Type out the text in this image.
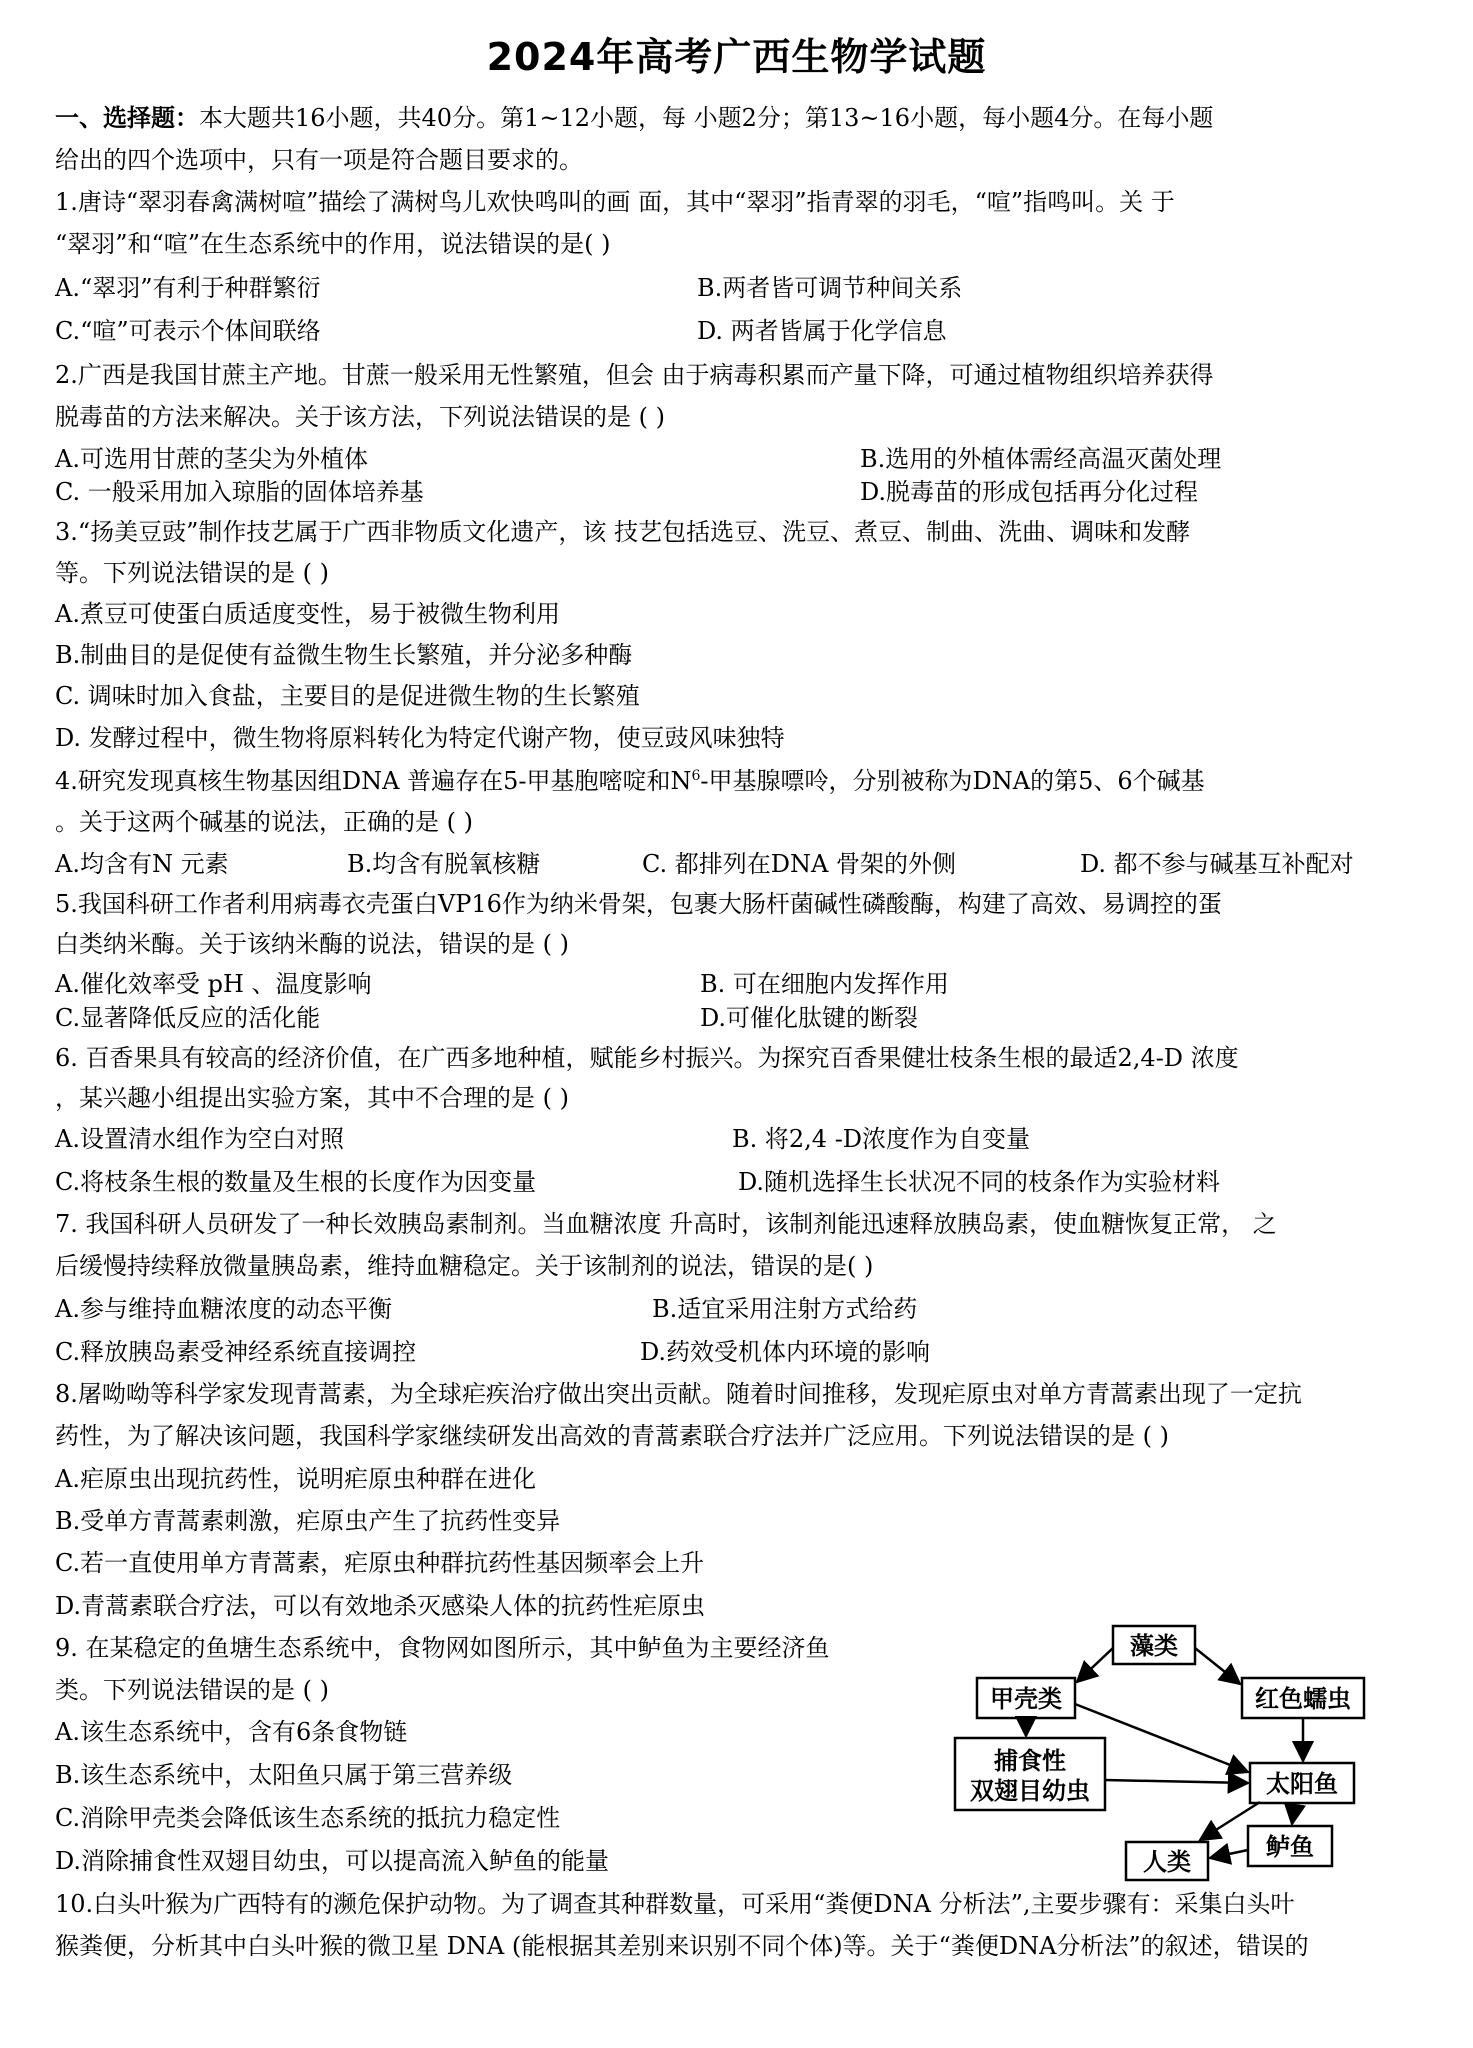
2024年高考广西生物学试题
一、选择题：本大题共16小题，共40分。第1~12小题，每 小题2分；第13~16小题，每小题4分。在每小题
给出的四个选项中，只有一项是符合题目要求的。
1.唐诗“翠羽春禽满树喧”描绘了满树鸟儿欢快鸣叫的画 面，其中“翠羽”指青翠的羽毛，“喧”指鸣叫。关 于
“翠羽”和“喧”在生态系统中的作用，说法错误的是( )
A.“翠羽”有利于种群繁衍	B.两者皆可调节种间关系
C.“喧”可表示个体间联络	D. 两者皆属于化学信息
2.广西是我国甘蔗主产地。甘蔗一般采用无性繁殖，但会 由于病毒积累而产量下降，可通过植物组织培养获得
脱毒苗的方法来解决。关于该方法，下列说法错误的是 ( )
A.可选用甘蔗的茎尖为外植体	B.选用的外植体需经高温灭菌处理
C. 一般采用加入琼脂的固体培养基	D.脱毒苗的形成包括再分化过程
3.“扬美豆豉”制作技艺属于广西非物质文化遗产，该 技艺包括选豆、洗豆、煮豆、制曲、洗曲、调味和发酵
等。下列说法错误的是 ( )
A.煮豆可使蛋白质适度变性，易于被微生物利用
B.制曲目的是促使有益微生物生长繁殖，并分泌多种酶
C. 调味时加入食盐，主要目的是促进微生物的生长繁殖
D. 发酵过程中，微生物将原料转化为特定代谢产物，使豆豉风味独特
4.研究发现真核生物基因组DNA 普遍存在5-甲基胞嘧啶和$N^6-$甲基腺嘌呤，分别被称为DNA的第5、6个碱基
。关于这两个碱基的说法，正确的是 ( )
A.均含有N 元素	B.均含有脱氧核糖	C. 都排列在DNA 骨架的外侧	D. 都不参与碱基互补配对
5.我国科研工作者利用病毒衣壳蛋白VP16作为纳米骨架，包裹大肠杆菌碱性磷酸酶，构建了高效、易调控的蛋
白类纳米酶。关于该纳米酶的说法，错误的是 ( )
A.催化效率受 pH 、温度影响	B. 可在细胞内发挥作用
C.显著降低反应的活化能	D.可催化肽键的断裂
6. 百香果具有较高的经济价值，在广西多地种植，赋能乡村振兴。为探究百香果健壮枝条生根的最适2,4-D 浓度
，某兴趣小组提出实验方案，其中不合理的是 ( )
A.设置清水组作为空白对照	B. 将2,4 -D浓度作为自变量
C.将枝条生根的数量及生根的长度作为因变量	D.随机选择生长状况不同的枝条作为实验材料
7. 我国科研人员研发了一种长效胰岛素制剂。当血糖浓度 升高时，该制剂能迅速释放胰岛素，使血糖恢复正常， 之
后缓慢持续释放微量胰岛素，维持血糖稳定。关于该制剂的说法，错误的是( )
A.参与维持血糖浓度的动态平衡	B.适宜采用注射方式给药
C.释放胰岛素受神经系统直接调控	D.药效受机体内环境的影响
8.屠呦呦等科学家发现青蒿素，为全球疟疾治疗做出突出贡献。随着时间推移，发现疟原虫对单方青蒿素出现了一定抗
药性，为了解决该问题，我国科学家继续研发出高效的青蒿素联合疗法并广泛应用。下列说法错误的是 ( )
A.疟原虫出现抗药性，说明疟原虫种群在进化
B.受单方青蒿素刺激，疟原虫产生了抗药性变异
C.若一直使用单方青蒿素，疟原虫种群抗药性基因频率会上升
D.青蒿素联合疗法，可以有效地杀灭感染人体的抗药性疟原虫
9. 在某稳定的鱼塘生态系统中，食物网如图所示，其中鲈鱼为主要经济鱼
类。下列说法错误的是 ( )
A.该生态系统中，含有6条食物链
B.该生态系统中，太阳鱼只属于第三营养级
C.消除甲壳类会降低该生态系统的抵抗力稳定性
D.消除捕食性双翅目幼虫，可以提高流入鲈鱼的能量
10.白头叶猴为广西特有的濒危保护动物。为了调查其种群数量，可采用“粪便DNA 分析法”,主要步骤有：采集白头叶
猴粪便，分析其中白头叶猴的微卫星 DNA (能根据其差别来识别不同个体)等。关于“粪便DNA分析法”的叙述，错误的
藻类
甲壳类	红色蠕虫
捕食性
双翅目幼虫	太阳鱼
人类
鲈鱼
